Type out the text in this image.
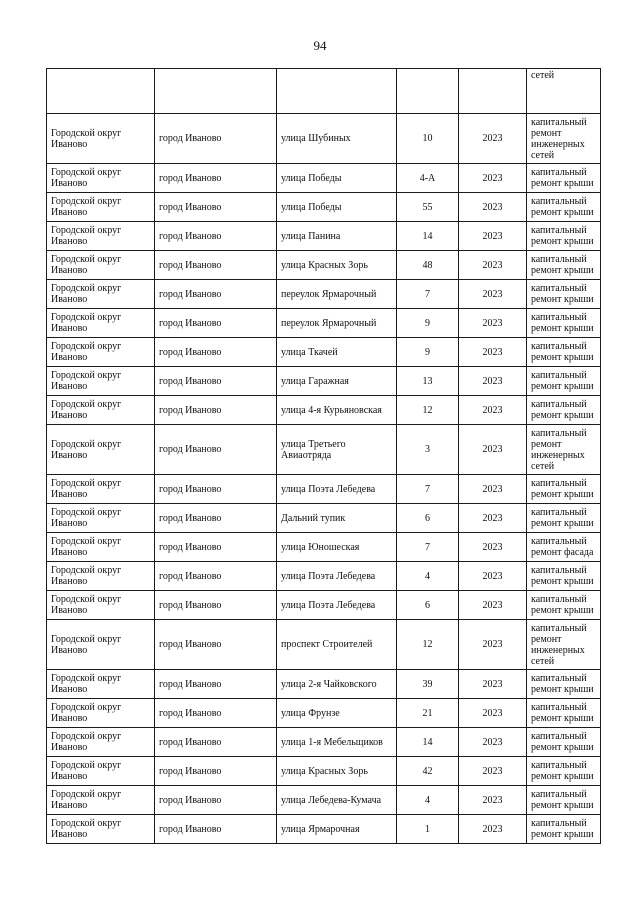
94
					сетей
Городской округ Иваново	город Иваново	улица Шубиных	10	2023	капитальный ремонт инженерных сетей
Городской округ Иваново	город Иваново	улица Победы	4-А	2023	капитальный ремонт крыши
Городской округ Иваново	город Иваново	улица Победы	55	2023	капитальный ремонт крыши
Городской округ Иваново	город Иваново	улица Панина	14	2023	капитальный ремонт крыши
Городской округ Иваново	город Иваново	улица Красных Зорь	48	2023	капитальный ремонт крыши
Городской округ Иваново	город Иваново	переулок Ярмарочный	7	2023	капитальный ремонт крыши
Городской округ Иваново	город Иваново	переулок Ярмарочный	9	2023	капитальный ремонт крыши
Городской округ Иваново	город Иваново	улица Ткачей	9	2023	капитальный ремонт крыши
Городской округ Иваново	город Иваново	улица Гаражная	13	2023	капитальный ремонт крыши
Городской округ Иваново	город Иваново	улица 4-я Курьяновская	12	2023	капитальный ремонт крыши
Городской округ Иваново	город Иваново	улица Третьего Авиаотряда	3	2023	капитальный ремонт инженерных сетей
Городской округ Иваново	город Иваново	улица Поэта Лебедева	7	2023	капитальный ремонт крыши
Городской округ Иваново	город Иваново	Дальний тупик	6	2023	капитальный ремонт крыши
Городской округ Иваново	город Иваново	улица Юношеская	7	2023	капитальный ремонт фасада
Городской округ Иваново	город Иваново	улица Поэта Лебедева	4	2023	капитальный ремонт крыши
Городской округ Иваново	город Иваново	улица Поэта Лебедева	6	2023	капитальный ремонт крыши
Городской округ Иваново	город Иваново	проспект Строителей	12	2023	капитальный ремонт инженерных сетей
Городской округ Иваново	город Иваново	улица 2-я Чайковского	39	2023	капитальный ремонт крыши
Городской округ Иваново	город Иваново	улица Фрунзе	21	2023	капитальный ремонт крыши
Городской округ Иваново	город Иваново	улица 1-я Мебельщиков	14	2023	капитальный ремонт крыши
Городской округ Иваново	город Иваново	улица Красных Зорь	42	2023	капитальный ремонт крыши
Городской округ Иваново	город Иваново	улица Лебедева-Кумача	4	2023	капитальный ремонт крыши
Городской округ Иваново	город Иваново	улица Ярмарочная	1	2023	капитальный ремонт крыши
